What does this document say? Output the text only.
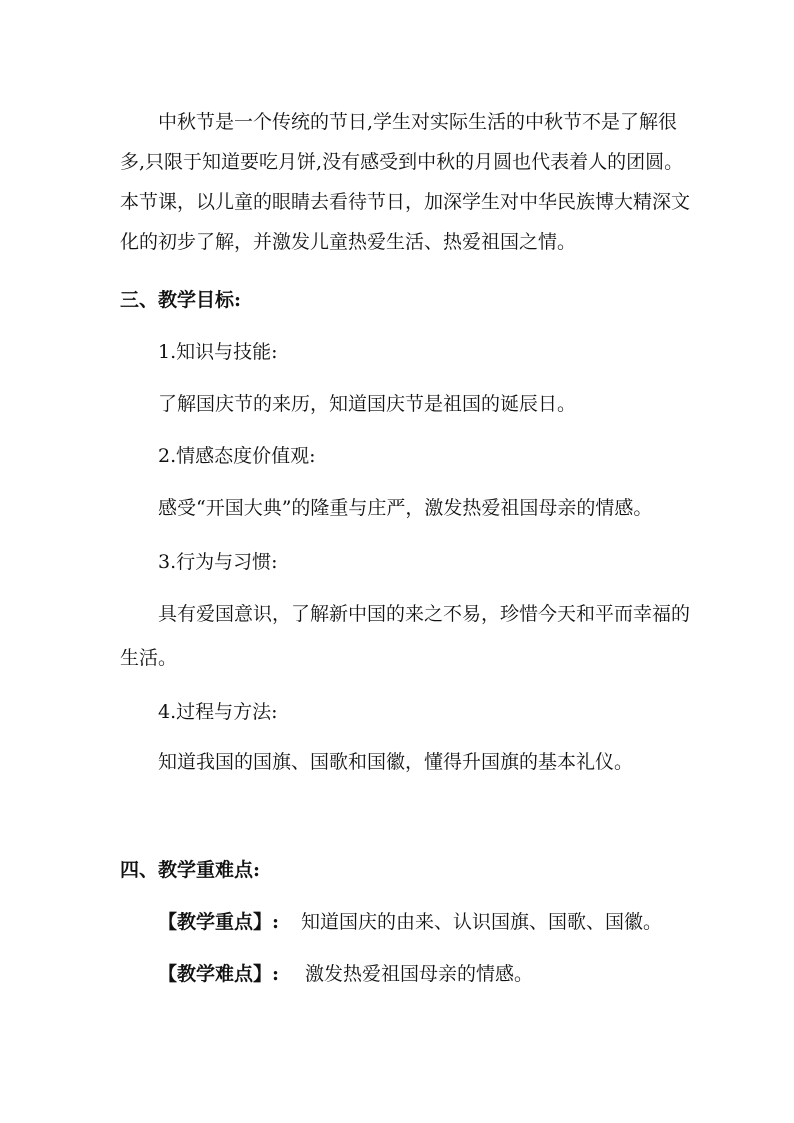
中秋节是一个传统的节日,学生对实际生活的中秋节不是了解很
多,只限于知道要吃月饼,没有感受到中秋的月圆也代表着人的团圆。
本节课，以儿童的眼睛去看待节日，加深学生对中华民族博大精深文
化的初步了解，并激发儿童热爱生活、热爱祖国之情。
三、教学目标:
1.知识与技能:
了解国庆节的来历，知道国庆节是祖国的诞辰日。
2.情感态度价值观:
感受“开国大典”的隆重与庄严，激发热爱祖国母亲的情感。
3.行为与习惯:
具有爱国意识，了解新中国的来之不易，珍惜今天和平而幸福的
生活。
4.过程与方法:
知道我国的国旗、国歌和国徽，懂得升国旗的基本礼仪。
四、教学重难点:
【教学重点】: 知道国庆的由来、认识国旗、国歌、国徽。
【教学难点】: 激发热爱祖国母亲的情感。
